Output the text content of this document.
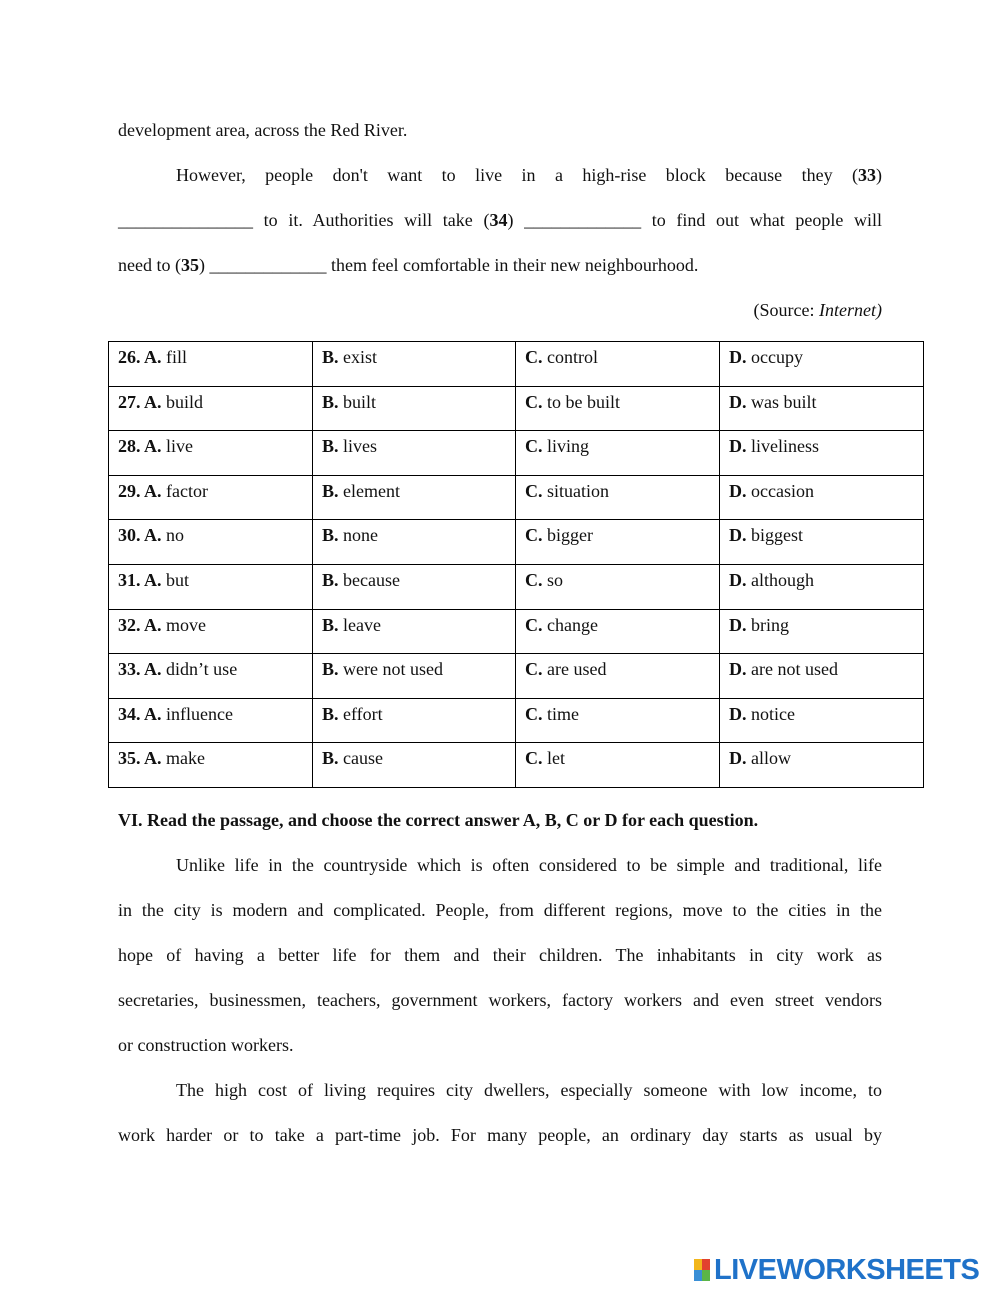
development area, across the Red River.
However, people don't want to live in a high-rise block because they (33)
_______________ to it. Authorities will take (34) _____________ to find out what people will
need to (35) _____________ them feel comfortable in their new neighbourhood.
(Source: Internet)
26. A. fill	B. exist	C. control	D. occupy
27. A. build	B. built	C. to be built	D. was built
28. A. live	B. lives	C. living	D. liveliness
29. A. factor	B. element	C. situation	D. occasion
30. A. no	B. none	C. bigger	D. biggest
31. A. but	B. because	C. so	D. although
32. A. move	B. leave	C. change	D. bring
33. A. didn’t use	B. were not used	C. are used	D. are not used
34. A. influence	B. effort	C. time	D. notice
35. A. make	B. cause	C. let	D. allow
VI. Read the passage, and choose the correct answer A, B, C or D for each question.
Unlike life in the countryside which is often considered to be simple and traditional, life
in the city is modern and complicated. People, from different regions, move to the cities in the
hope of having a better life for them and their children. The inhabitants in city work as
secretaries, businessmen, teachers, government workers, factory workers and even street vendors
or construction workers.
The high cost of living requires city dwellers, especially someone with low income, to
work harder or to take a part-time job. For many people, an ordinary day starts as usual by
LIVEWORKSHEETS
